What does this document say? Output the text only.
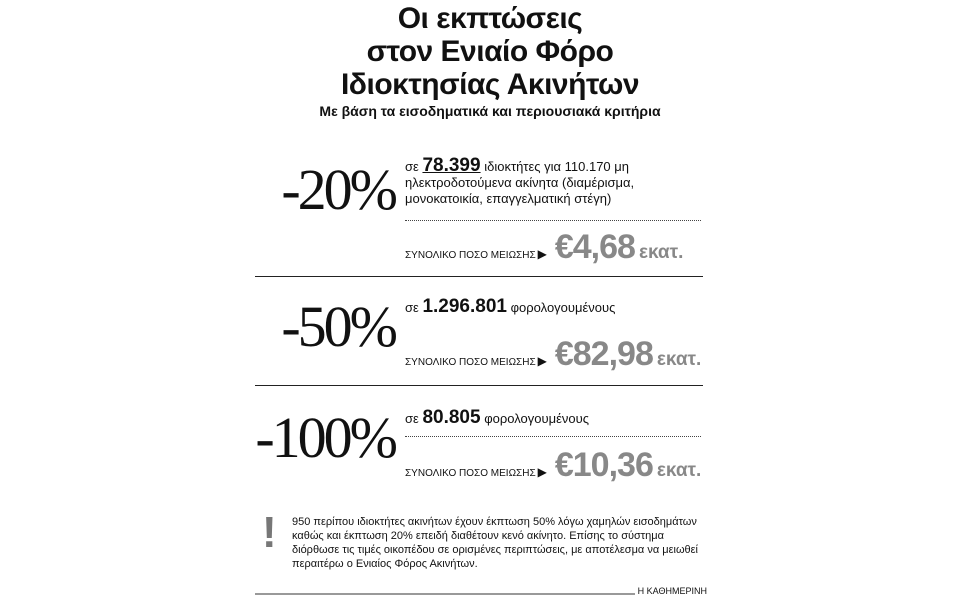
Οι εκπτώσεις
στον Ενιαίο Φόρο
Ιδιοκτησίας Ακινήτων

Με βάση τα εισοδηματικά και περιουσιακά κριτήρια

-20% σε 78.399 ιδιοκτήτες για 110.170 μη ηλεκτροδοτούμενα ακίνητα (διαμέρισμα, μονοκατοικία, επαγγελματική στέγη)
ΣΥΝΟΛΙΚΟ ΠΟΣΟ ΜΕΙΩΣΗΣ ▶ €4,68 εκατ.
-50% σε 1.296.801 φορολογουμένους
ΣΥΝΟΛΙΚΟ ΠΟΣΟ ΜΕΙΩΣΗΣ ▶ €82,98 εκατ.
-100% σε 80.805 φορολογουμένους
ΣΥΝΟΛΙΚΟ ΠΟΣΟ ΜΕΙΩΣΗΣ ▶ €10,36 εκατ.
! 950 περίπου ιδιοκτήτες ακινήτων έχουν έκπτωση 50% λόγω χαμηλών εισοδημάτων καθώς και έκπτωση 20% επειδή διαθέτουν κενό ακίνητο. Επίσης το σύστημα διόρθωσε τις τιμές οικοπέδου σε ορισμένες περιπτώσεις, με αποτέλεσμα να μειωθεί περαιτέρω ο Ενιαίος Φόρος Ακινήτων.

Η ΚΑΘΗΜΕΡΙΝΗ
